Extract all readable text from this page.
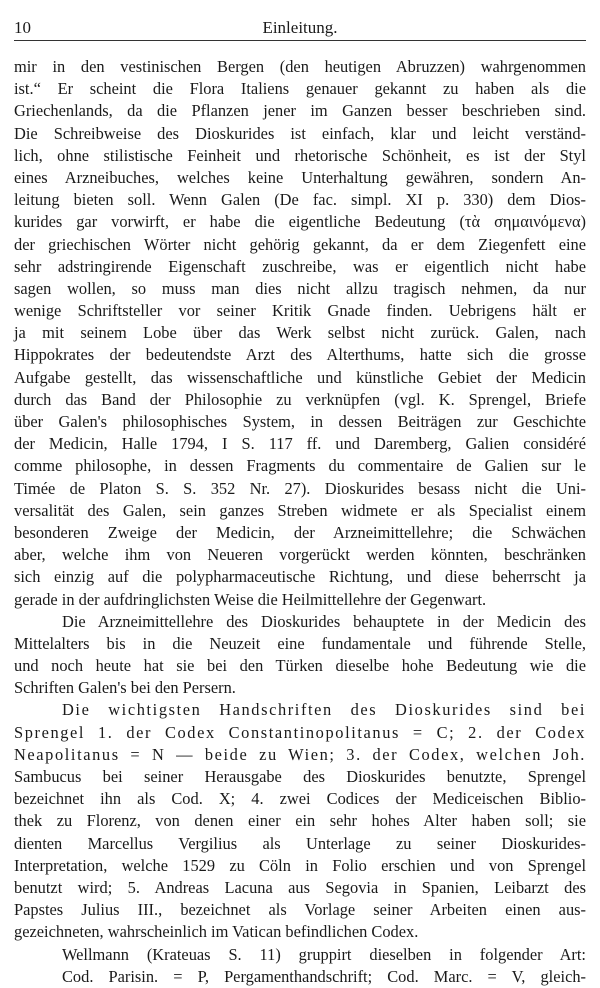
10	Einleitung.
mir in den vestinischen Bergen (den heutigen Abruzzen) wahrgenommen
ist.“ Er scheint die Flora Italiens genauer gekannt zu haben als die
Griechenlands, da die Pflanzen jener im Ganzen besser beschrieben sind.
Die Schreibweise des Dioskurides ist einfach, klar und leicht verständ-
lich, ohne stilistische Feinheit und rhetorische Schönheit, es ist der Styl
eines Arzneibuches, welches keine Unterhaltung gewähren, sondern An-
leitung bieten soll. Wenn Galen (De fac. simpl. XI p. 330) dem Dios-
kurides gar vorwirft, er habe die eigentliche Bedeutung (τὰ σημαινόμενα)
der griechischen Wörter nicht gehörig gekannt, da er dem Ziegenfett eine
sehr adstringirende Eigenschaft zuschreibe, was er eigentlich nicht habe
sagen wollen, so muss man dies nicht allzu tragisch nehmen, da nur
wenige Schriftsteller vor seiner Kritik Gnade finden. Uebrigens hält er
ja mit seinem Lobe über das Werk selbst nicht zurück. Galen, nach
Hippokrates der bedeutendste Arzt des Alterthums, hatte sich die grosse
Aufgabe gestellt, das wissenschaftliche und künstliche Gebiet der Medicin
durch das Band der Philosophie zu verknüpfen (vgl. K. Sprengel, Briefe
über Galen's philosophisches System, in dessen Beiträgen zur Geschichte
der Medicin, Halle 1794, I S. 117 ff. und Daremberg, Galien considéré
comme philosophe, in dessen Fragments du commentaire de Galien sur le
Timée de Platon S. S. 352 Nr. 27). Dioskurides besass nicht die Uni-
versalität des Galen, sein ganzes Streben widmete er als Specialist einem
besonderen Zweige der Medicin, der Arzneimittellehre; die Schwächen
aber, welche ihm von Neueren vorgerückt werden könnten, beschränken
sich einzig auf die polypharmaceutische Richtung, und diese beherrscht ja
gerade in der aufdringlichsten Weise die Heilmittellehre der Gegenwart.
Die Arzneimittellehre des Dioskurides behauptete in der Medicin des
Mittelalters bis in die Neuzeit eine fundamentale und führende Stelle,
und noch heute hat sie bei den Türken dieselbe hohe Bedeutung wie die
Schriften Galen's bei den Persern.
Die wichtigsten Handschriften des Dioskurides sind bei
Sprengel 1. der Codex Constantinopolitanus = C; 2. der Codex
Neapolitanus = N — beide zu Wien; 3. der Codex, welchen Joh.
Sambucus bei seiner Herausgabe des Dioskurides benutzte, Sprengel
bezeichnet ihn als Cod. X; 4. zwei Codices der Mediceischen Biblio-
thek zu Florenz, von denen einer ein sehr hohes Alter haben soll; sie
dienten Marcellus Vergilius als Unterlage zu seiner Dioskurides-
Interpretation, welche 1529 zu Cöln in Folio erschien und von Sprengel
benutzt wird; 5. Andreas Lacuna aus Segovia in Spanien, Leibarzt des
Papstes Julius III., bezeichnet als Vorlage seiner Arbeiten einen aus-
gezeichneten, wahrscheinlich im Vatican befindlichen Codex.
Wellmann (Krateuas S. 11) gruppirt dieselben in folgender Art:
Cod. Parisin. = P, Pergamenthandschrift; Cod. Marc. = V, gleich-
